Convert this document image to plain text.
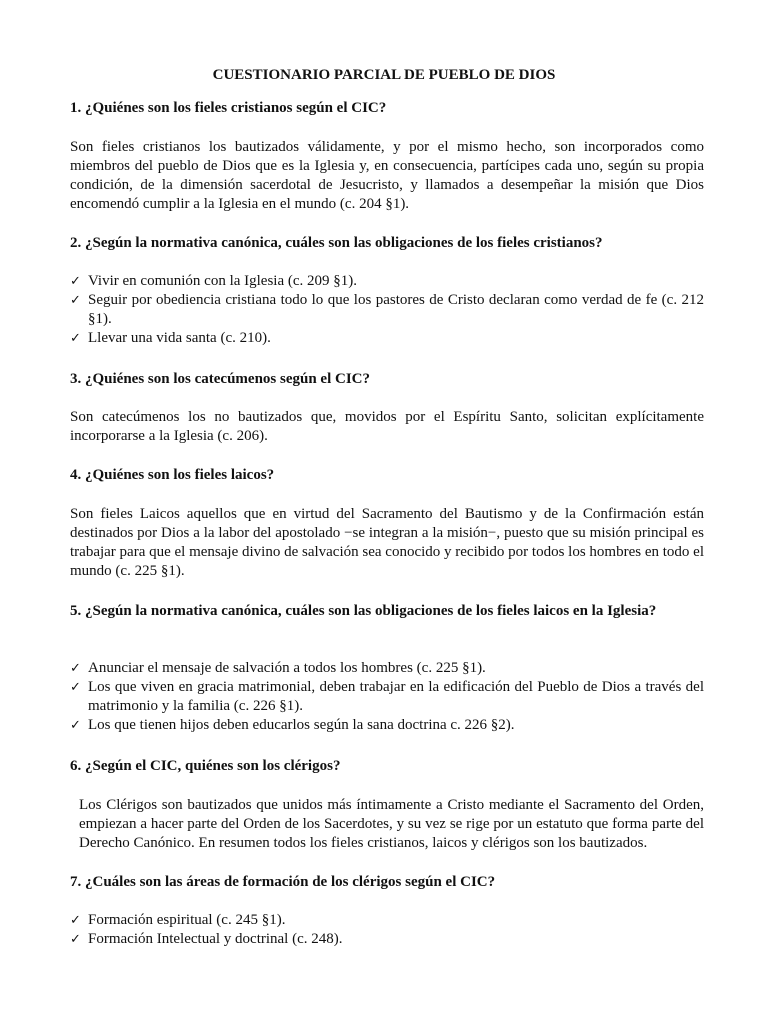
CUESTIONARIO PARCIAL DE PUEBLO DE DIOS
1. ¿Quiénes son los fieles cristianos según el CIC?
Son fieles cristianos los bautizados válidamente, y por el mismo hecho, son incorporados como miembros del pueblo de Dios que es la Iglesia y, en consecuencia, partícipes cada uno, según su propia condición, de la dimensión sacerdotal de Jesucristo, y llamados a desempeñar la misión que Dios encomendó cumplir a la Iglesia en el mundo (c. 204 §1).
2. ¿Según la normativa canónica, cuáles son las obligaciones de los fieles cristianos?
✓ Vivir en comunión con la Iglesia (c. 209 §1).
✓ Seguir por obediencia cristiana todo lo que los pastores de Cristo declaran como verdad de fe (c. 212 §1).
✓ Llevar una vida santa (c. 210).
3. ¿Quiénes son los catecúmenos según el CIC?
Son catecúmenos los no bautizados que, movidos por el Espíritu Santo, solicitan explícitamente incorporarse a la Iglesia (c. 206).
4. ¿Quiénes son los fieles laicos?
Son fieles Laicos aquellos que en virtud del Sacramento del Bautismo y de la Confirmación están destinados por Dios a la labor del apostolado −se integran a la misión−, puesto que su misión principal es trabajar para que el mensaje divino de salvación sea conocido y recibido por todos los hombres en todo el mundo (c. 225 §1).
5. ¿Según la normativa canónica, cuáles son las obligaciones de los fieles laicos en la Iglesia?
✓ Anunciar el mensaje de salvación a todos los hombres (c. 225 §1).
✓ Los que viven en gracia matrimonial, deben trabajar en la edificación del Pueblo de Dios a través del matrimonio y la familia (c. 226 §1).
✓ Los que tienen hijos deben educarlos según la sana doctrina c. 226 §2).
6. ¿Según el CIC, quiénes son los clérigos?
Los Clérigos son bautizados que unidos más íntimamente a Cristo mediante el Sacramento del Orden, empiezan a hacer parte del Orden de los Sacerdotes, y su vez se rige por un estatuto que forma parte del Derecho Canónico. En resumen todos los fieles cristianos, laicos y clérigos son los bautizados.
7. ¿Cuáles son las áreas de formación de los clérigos según el CIC?
✓ Formación espiritual (c. 245 §1).
✓ Formación Intelectual y doctrinal (c. 248).
